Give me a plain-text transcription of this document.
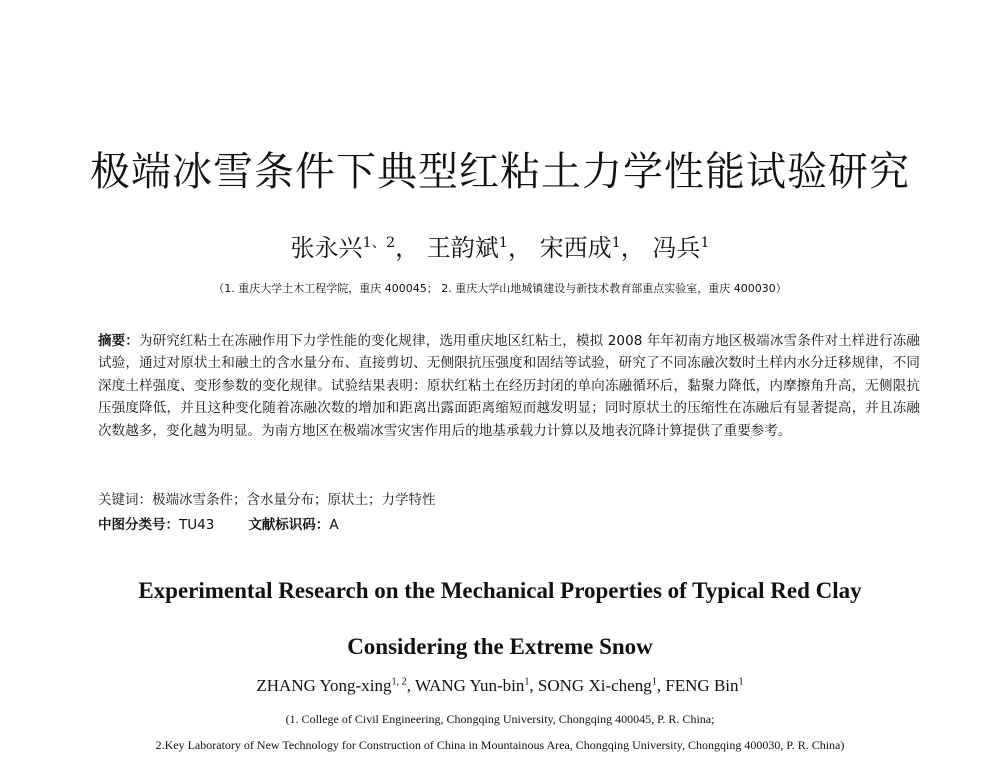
极端冰雪条件下典型红粘土力学性能试验研究
张永兴$^{1、2}$， 王韵斌$^1$， 宋西成$^1$， 冯兵$^1$
（1. 重庆大学土木工程学院，重庆 400045； 2. 重庆大学山地城镇建设与新技术教育部重点实验室，重庆 400030）
摘要：为研究红粘土在冻融作用下力学性能的变化规律，选用重庆地区红粘土，模拟 2008 年年初南方地区极端冰雪条件对土样进行冻融试验，通过对原状土和融土的含水量分布、直接剪切、无侧限抗压强度和固结等试验，研究了不同冻融次数时土样内水分迁移规律，不同深度土样强度、变形参数的变化规律。试验结果表明：原状红粘土在经历封闭的单向冻融循环后，黏聚力降低，内摩擦角升高，无侧限抗压强度降低，并且这种变化随着冻融次数的增加和距离出露面距离缩短而越发明显；同时原状土的压缩性在冻融后有显著提高，并且冻融次数越多，变化越为明显。为南方地区在极端冰雪灾害作用后的地基承载力计算以及地表沉降计算提供了重要参考。
关键词：极端冰雪条件；含水量分布；原状土；力学特性
中图分类号：TU43	文献标识码：A
Experimental Research on the Mechanical Properties of Typical Red Clay
Considering the Extreme Snow
ZHANG Yong-xing$^{1, 2}$, WANG Yun-bin$^1$, SONG Xi-cheng$^1$, FENG Bin$^1$
(1. College of Civil Engineering, Chongqing University, Chongqing 400045, P. R. China;
2.Key Laboratory of New Technology for Construction of China in Mountainous Area, Chongqing University, Chongqing 400030, P. R. China)
